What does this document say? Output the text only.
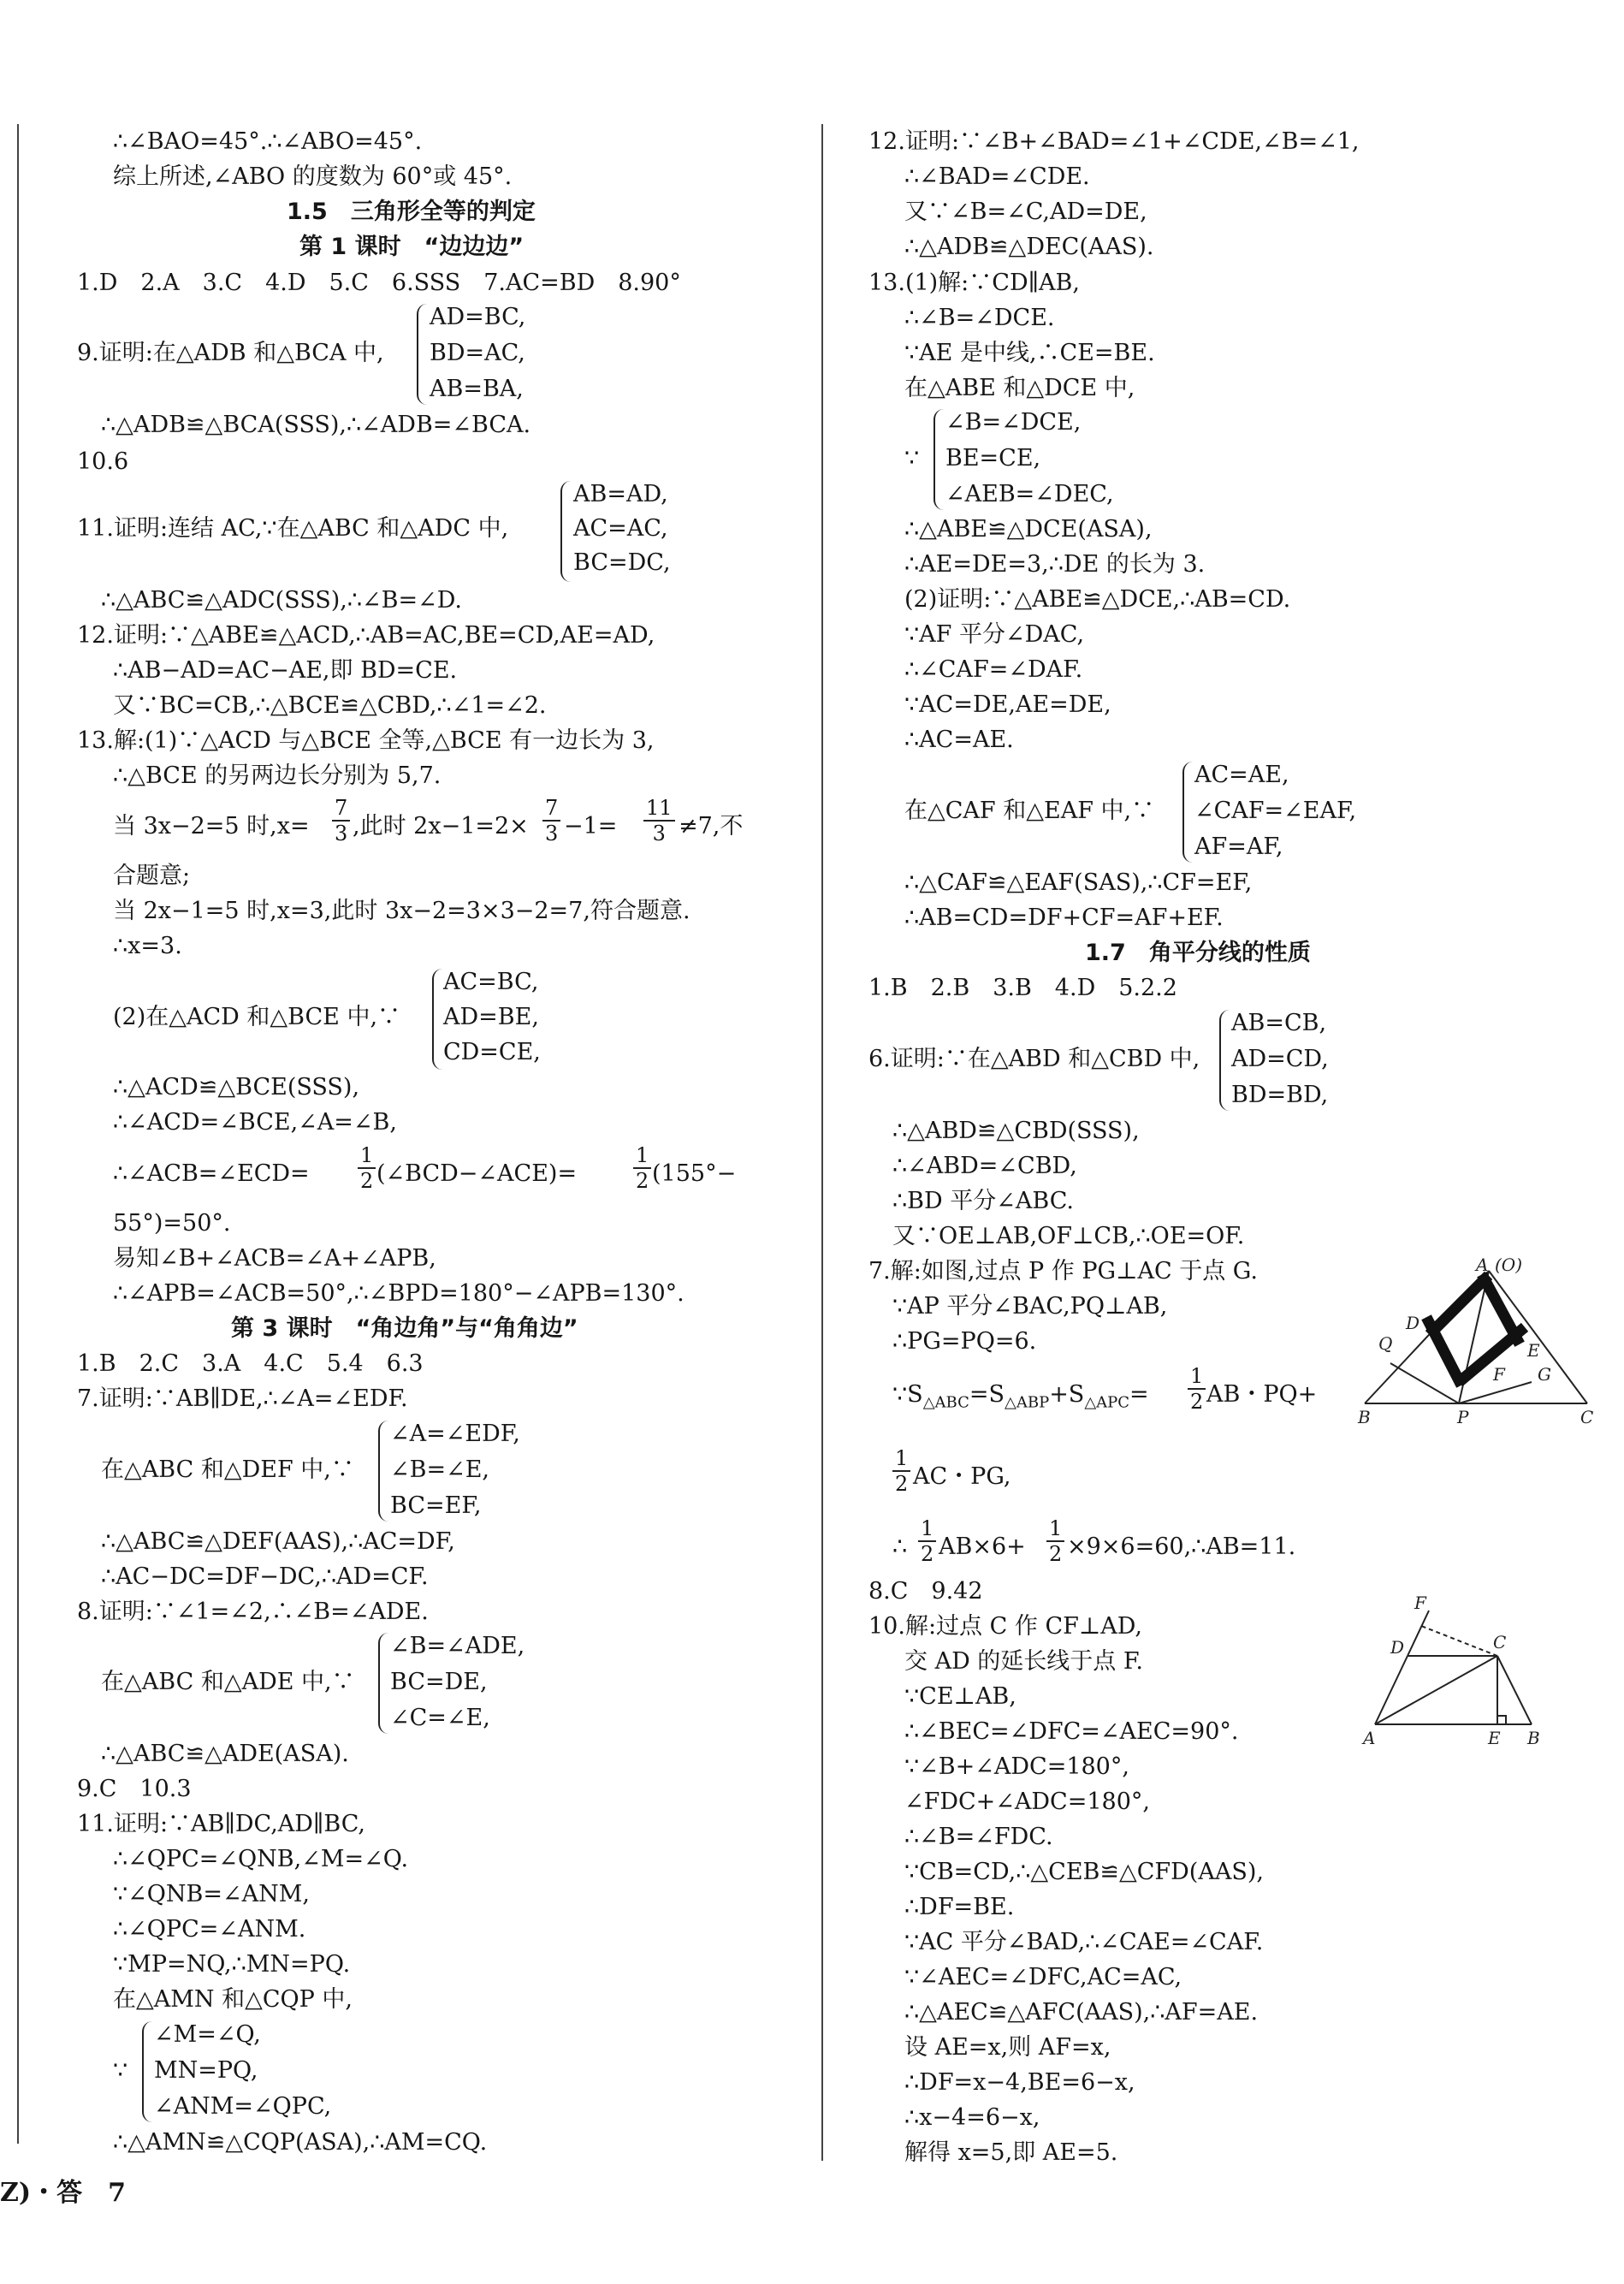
∴∠BAO=45°.∴∠ABO=45°.
综上所述,∠ABO 的度数为 60°或 45°.
1.5　三角形全等的判定
第 1 课时　“边边边”
1.D　2.A　3.C　4.D　5.C　6.SSS　7.AC=BD　8.90°
9.证明:在△ADB 和△BCA 中,
AD=BC,
BD=AC,
AB=BA,
∴△ADB≌△BCA(SSS),∴∠ADB=∠BCA.
10.6
11.证明:连结 AC,∵在△ABC 和△ADC 中,
AB=AD,
AC=AC,
BC=DC,
∴△ABC≌△ADC(SSS),∴∠B=∠D.
12.证明:∵△ABE≌△ACD,∴AB=AC,BE=CD,AE=AD,
∴AB−AD=AC−AE,即 BD=CE.
又∵BC=CB,∴△BCE≌△CBD,∴∠1=∠2.
13.解:(1)∵△ACD 与△BCE 全等,△BCE 有一边长为 3,
∴△BCE 的另两边长分别为 5,7.
当 3x−2=5 时$,x= \frac{7}{3}$ ,此时 $2x-1=2\times \frac{7}{3} -1= \frac{11}{3} \ne 7$,不
合题意;
当 2x−1=5 时,x=3,此时 3x−2=3×3−2=7,符合题意.
∴x=3.
(2)在△ACD 和△BCE 中,∵
AC=BC,
AD=BE,
CD=CE,
∴△ACD≌△BCE(SSS),
∴∠ACD=∠BCE,∠A=∠B,
∴∠ACB=∠ECD= $\frac{1}{2}$ (∠BCD−∠ACE)=	$\frac{1}{2} (155^\circ-$
55°)=50°.
易知∠B+∠ACB=∠A+∠APB,
∴∠APB=∠ACB=50°,∴∠BPD=180°−∠APB=130°.
第 3 课时　“角边角”与“角角边”
1.B　2.C　3.A　4.C　5.4　6.3
7.证明:∵AB∥DE,∴∠A=∠EDF.
在△ABC 和△DEF 中,∵
∠A=∠EDF,
∠B=∠E,
BC=EF,
∴△ABC≌△DEF(AAS),∴AC=DF,
∴AC−DC=DF−DC,∴AD=CF.
8.证明:∵∠1=∠2,∴∠B=∠ADE.
在△ABC 和△ADE 中,∵
∠B=∠ADE,
BC=DE,
∠C=∠E,
∴△ABC≌△ADE(ASA).
9.C　10.3
11.证明:∵AB∥DC,AD∥BC,
∴∠QPC=∠QNB,∠M=∠Q.
∵∠QNB=∠ANM,
∴∠QPC=∠ANM.
∵MP=NQ,∴MN=PQ.
在△AMN 和△CQP 中,
∵
∠M=∠Q,
MN=PQ,
∠ANM=∠QPC,
∴△AMN≌△CQP(ASA),∴AM=CQ.
Z)・答　7
12.证明:∵∠B+∠BAD=∠1+∠CDE,∠B=∠1,
∴∠BAD=∠CDE.
又∵∠B=∠C,AD=DE,
∴△ADB≌△DEC(AAS).
13.(1)解:∵CD∥AB,
∴∠B=∠DCE.
∵AE 是中线,∴CE=BE.
在△ABE 和△DCE 中,
∵
∠B=∠DCE,
BE=CE,
∠AEB=∠DEC,
∴△ABE≌△DCE(ASA),
∴AE=DE=3,∴DE 的长为 3.
(2)证明:∵△ABE≌△DCE,∴AB=CD.
∵AF 平分∠DAC,
∴∠CAF=∠DAF.
∵AC=DE,AE=DE,
∴AC=AE.
在△CAF 和△EAF 中,∵
AC=AE,
∠CAF=∠EAF,
AF=AF,
∴△CAF≌△EAF(SAS),∴CF=EF,
∴AB=CD=DF+CF=AF+EF.
1.7　角平分线的性质
1.B　2.B　3.B　4.D　5.2.2
6.证明:∵在△ABD 和△CBD 中,
AB=CB,
AD=CD,
BD=BD,
∴△ABD≌△CBD(SSS),
∴∠ABD=∠CBD,
∴BD 平分∠ABC.
又∵OE⊥AB,OF⊥CB,∴OE=OF.
7.解:如图,过点 P 作 PG⊥AC 于点 G.
∵AP 平分∠BAC,PQ⊥AB,
∴PG=PQ=6.
$\because S_{\triangle ABC}=S_{\triangle ABP}+S_{\triangle APC}= \frac{1}{2}$ AB・PQ+
$\frac{1}{2}$ AC・PG,
∴ $\frac{1}{2} AB\times 6+ \frac{1}{2}$ ×9×6=60,∴AB=11.
8.C　9.42
10.解:过点 C 作 CF⊥AD,
交 AD 的延长线于点 F.
∵CE⊥AB,
∴∠BEC=∠DFC=∠AEC=90°.
∵∠B+∠ADC=180°,
∠FDC+∠ADC=180°,
∴∠B=∠FDC.
∵CB=CD,∴△CEB≌△CFD(AAS),
∴DF=BE.
∵AC 平分∠BAD,∴∠CAE=∠CAF.
∵∠AEC=∠DFC,AC=AC,
∴△AEC≌△AFC(AAS),∴AF=AE.
设 AE=x,则 AF=x,
∴DF=x−4,BE=6−x,
∴x−4=6−x,
解得 x=5,即 AE=5.
A (O)
D
Q	E
G
F
B	P	C
F
D	C
A	E B
